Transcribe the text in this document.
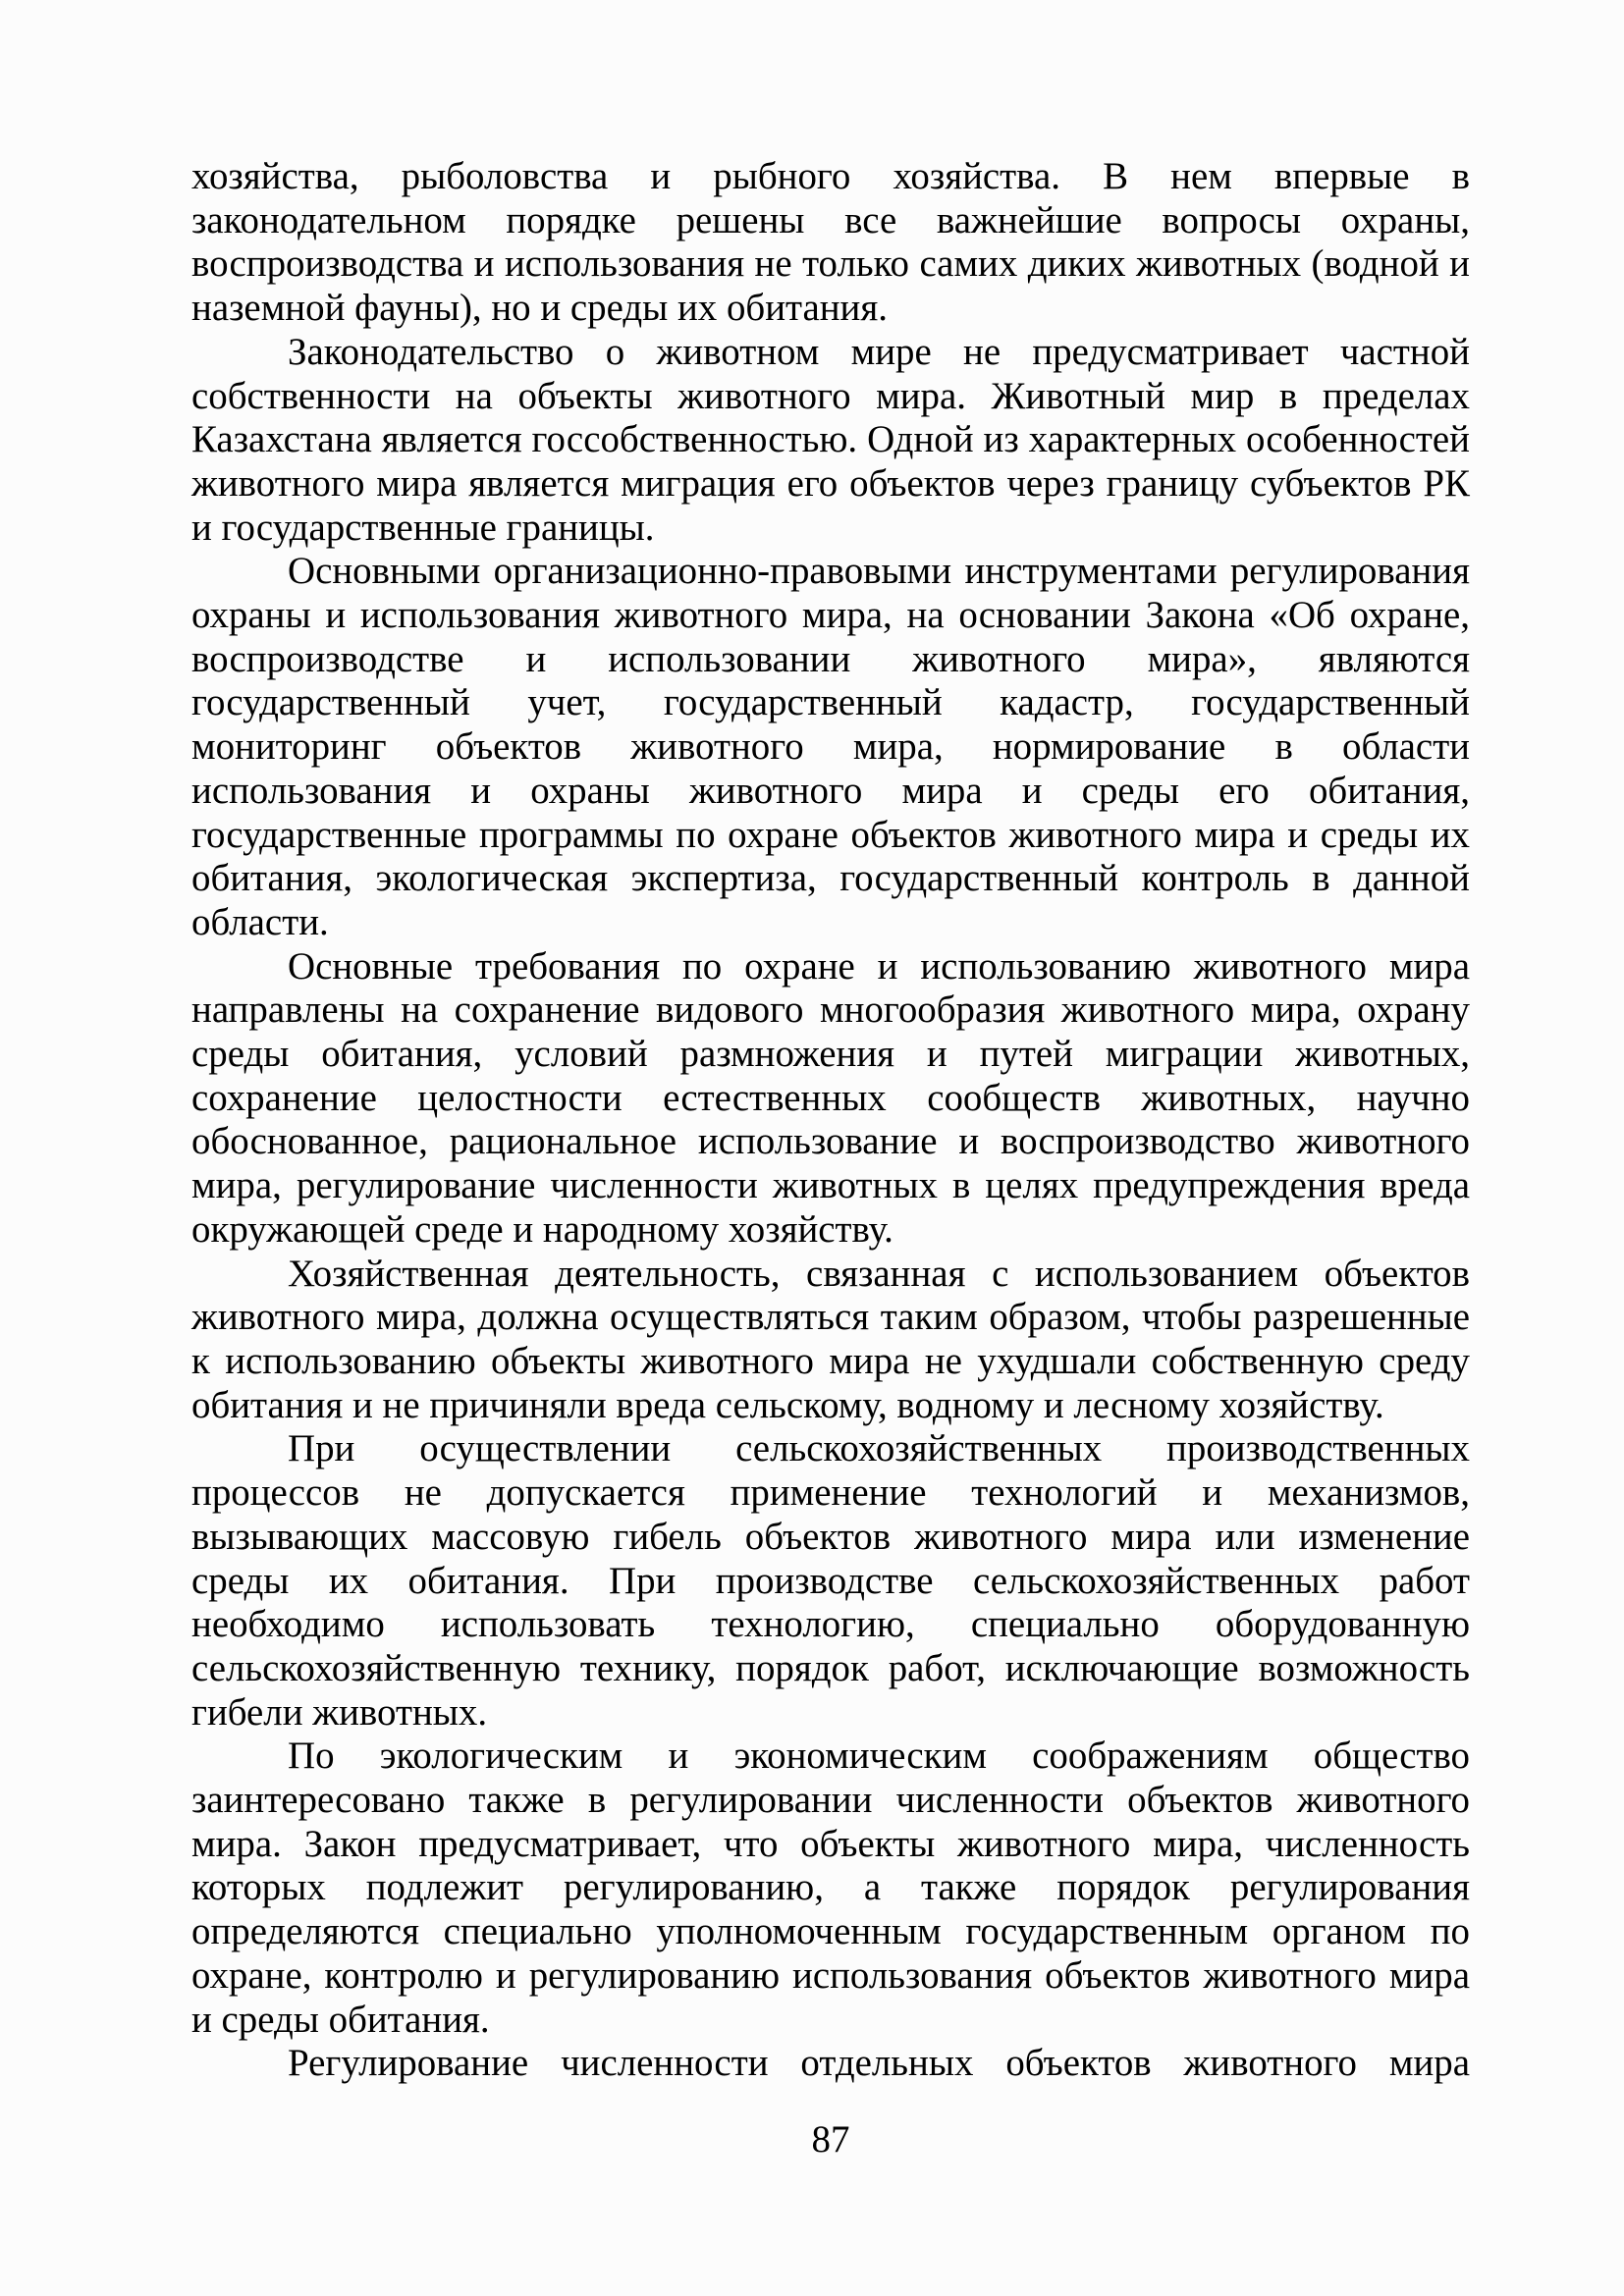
хозяйства, рыболовства и рыбного хозяйства. В нем впервые в законодательном порядке решены все важнейшие вопросы охраны, воспроизводства и использования не только самих диких животных (водной и наземной фауны), но и среды их обитания.

Законодательство о животном мире не предусматривает частной собственности на объекты животного мира. Животный мир в пределах Казахстана является госсобственностью. Одной из характерных особенностей животного мира является миграция его объектов через границу субъектов РК и государственные границы.

Основными организационно-правовыми инструментами регулирования охраны и использования животного мира, на основании Закона «Об охране, воспроизводстве и использовании животного мира», являются государственный учет, государственный кадастр, государственный мониторинг объектов животного мира, нормирование в области использования и охраны животного мира и среды его обитания, государственные программы по охране объектов животного мира и среды их обитания, экологическая экспертиза, государственный контроль в данной области.

Основные требования по охране и использованию животного мира направлены на сохранение видового многообразия животного мира, охрану среды обитания, условий размножения и путей миграции животных, сохранение целостности естественных сообществ животных, научно обоснованное, рациональное использование и воспроизводство животного мира, регулирование численности животных в целях предупреждения вреда окружающей среде и народному хозяйству.

Хозяйственная деятельность, связанная с использованием объектов животного мира, должна осуществляться таким образом, чтобы разрешенные к использованию объекты животного мира не ухудшали собственную среду обитания и не причиняли вреда сельскому, водному и лесному хозяйству.

При осуществлении сельскохозяйственных производственных процессов не допускается применение технологий и механизмов, вызывающих массовую гибель объектов животного мира или изменение среды их обитания. При производстве сельскохозяйственных работ необходимо использовать технологию, специально оборудованную сельскохозяйственную технику, порядок работ, исключающие возможность гибели животных.

По экологическим и экономическим соображениям общество заинтересовано также в регулировании численности объектов животного мира. Закон предусматривает, что объекты животного мира, численность которых подлежит регулированию, а также порядок регулирования определяются специально уполномоченным государственным органом по охране, контролю и регулированию использования объектов животного мира и среды обитания.

Регулирование численности отдельных объектов животного мира

87
